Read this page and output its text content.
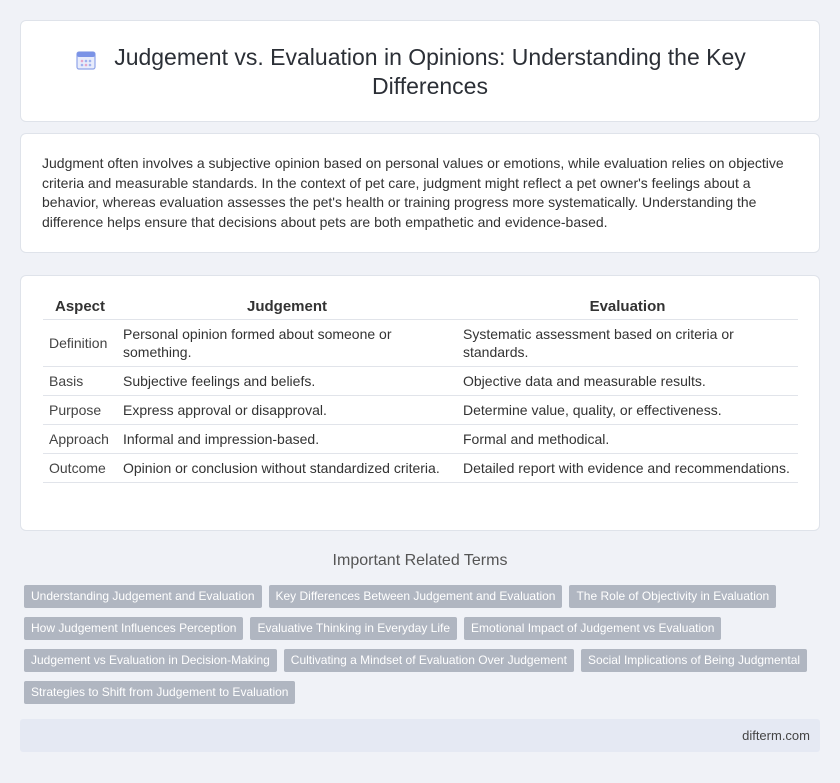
Judgement vs. Evaluation in Opinions: Understanding the Key Differences

Judgment often involves a subjective opinion based on personal values or emotions, while evaluation relies on objective criteria and measurable standards. In the context of pet care, judgment might reflect a pet owner's feelings about a behavior, whereas evaluation assesses the pet's health or training progress more systematically. Understanding the difference helps ensure that decisions about pets are both empathetic and evidence-based.

Aspect	Judgement	Evaluation
Definition	Personal opinion formed about someone or something.	Systematic assessment based on criteria or standards.
Basis	Subjective feelings and beliefs.	Objective data and measurable results.
Purpose	Express approval or disapproval.	Determine value, quality, or effectiveness.
Approach	Informal and impression-based.	Formal and methodical.
Outcome	Opinion or conclusion without standardized criteria.	Detailed report with evidence and recommendations.
Important Related Terms
Understanding Judgement and Evaluation	Key Differences Between Judgement and Evaluation	The Role of Objectivity in Evaluation
How Judgement Influences Perception	Evaluative Thinking in Everyday Life	Emotional Impact of Judgement vs Evaluation
Judgement vs Evaluation in Decision-Making	Cultivating a Mindset of Evaluation Over Judgement	Social Implications of Being Judgmental
Strategies to Shift from Judgement to Evaluation
difterm.com
